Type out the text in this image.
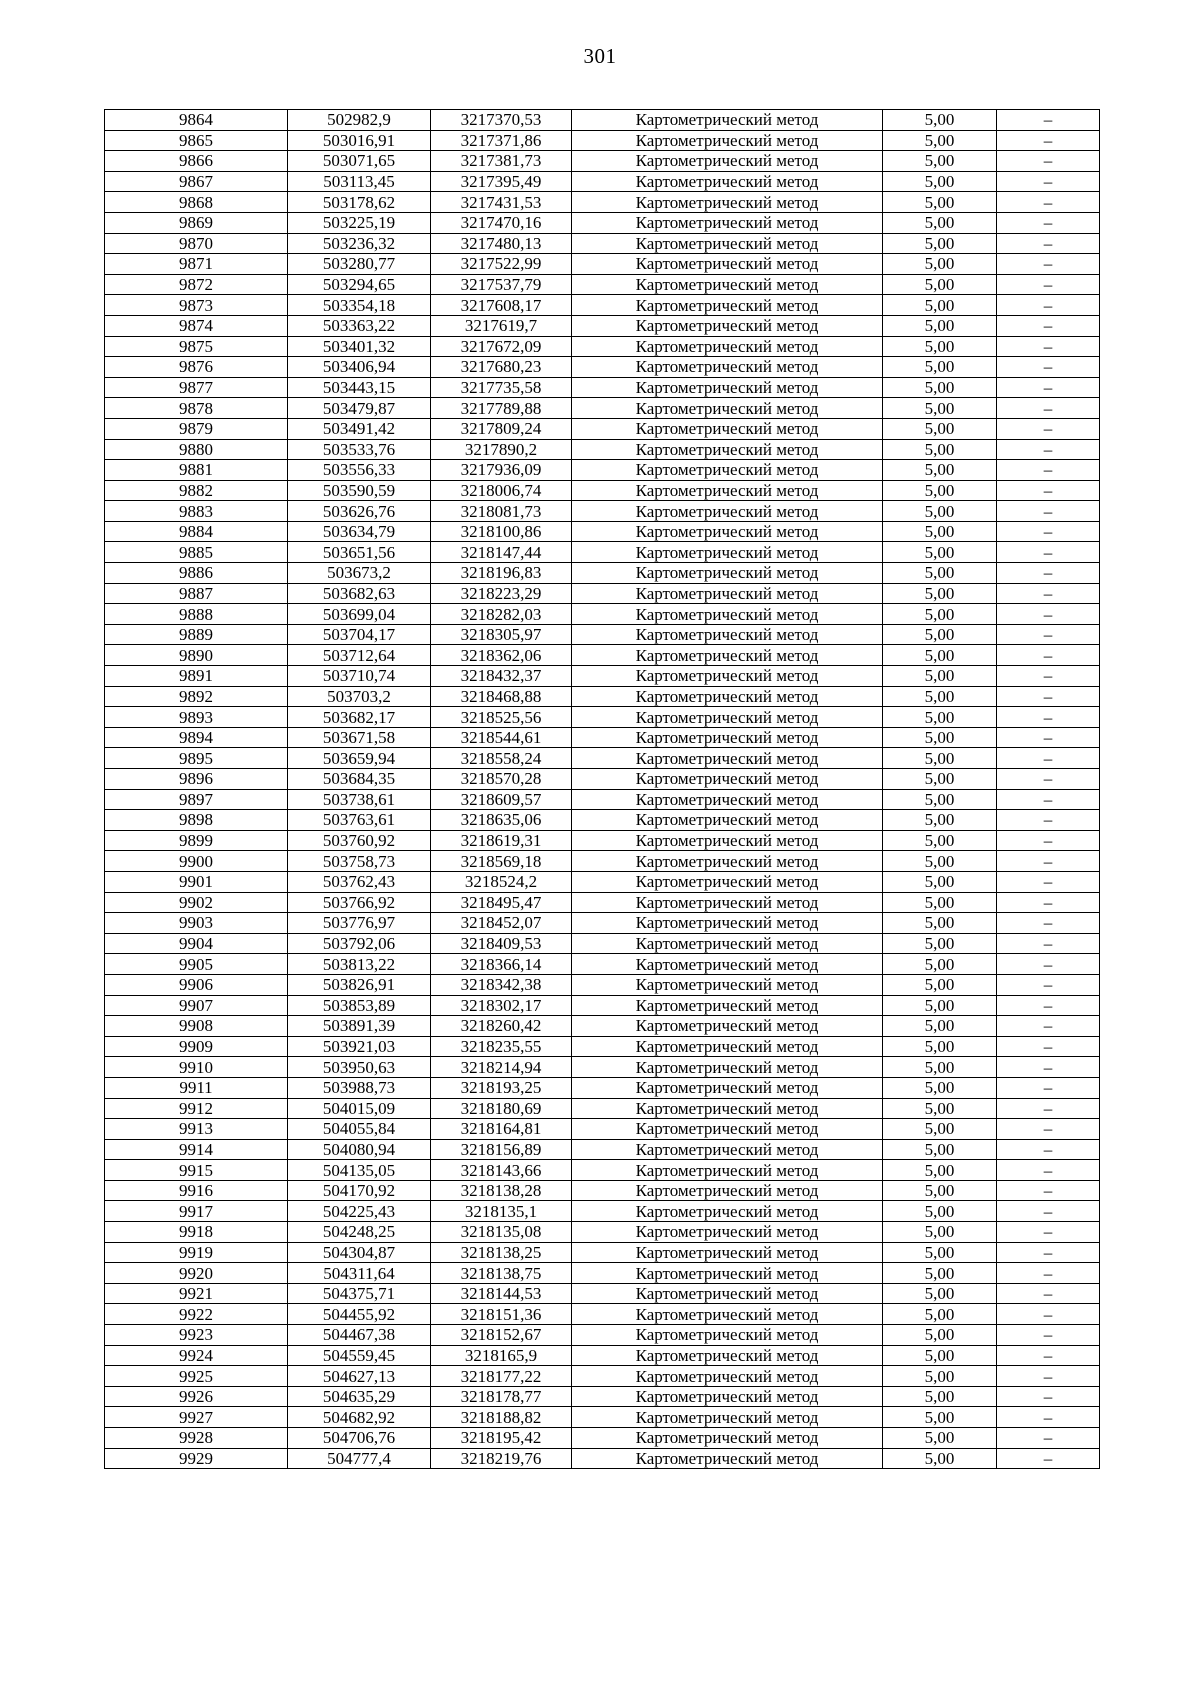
301
9864	502982,9	3217370,53	Картометрический метод	5,00	–
9865	503016,91	3217371,86	Картометрический метод	5,00	–
9866	503071,65	3217381,73	Картометрический метод	5,00	–
9867	503113,45	3217395,49	Картометрический метод	5,00	–
9868	503178,62	3217431,53	Картометрический метод	5,00	–
9869	503225,19	3217470,16	Картометрический метод	5,00	–
9870	503236,32	3217480,13	Картометрический метод	5,00	–
9871	503280,77	3217522,99	Картометрический метод	5,00	–
9872	503294,65	3217537,79	Картометрический метод	5,00	–
9873	503354,18	3217608,17	Картометрический метод	5,00	–
9874	503363,22	3217619,7	Картометрический метод	5,00	–
9875	503401,32	3217672,09	Картометрический метод	5,00	–
9876	503406,94	3217680,23	Картометрический метод	5,00	–
9877	503443,15	3217735,58	Картометрический метод	5,00	–
9878	503479,87	3217789,88	Картометрический метод	5,00	–
9879	503491,42	3217809,24	Картометрический метод	5,00	–
9880	503533,76	3217890,2	Картометрический метод	5,00	–
9881	503556,33	3217936,09	Картометрический метод	5,00	–
9882	503590,59	3218006,74	Картометрический метод	5,00	–
9883	503626,76	3218081,73	Картометрический метод	5,00	–
9884	503634,79	3218100,86	Картометрический метод	5,00	–
9885	503651,56	3218147,44	Картометрический метод	5,00	–
9886	503673,2	3218196,83	Картометрический метод	5,00	–
9887	503682,63	3218223,29	Картометрический метод	5,00	–
9888	503699,04	3218282,03	Картометрический метод	5,00	–
9889	503704,17	3218305,97	Картометрический метод	5,00	–
9890	503712,64	3218362,06	Картометрический метод	5,00	–
9891	503710,74	3218432,37	Картометрический метод	5,00	–
9892	503703,2	3218468,88	Картометрический метод	5,00	–
9893	503682,17	3218525,56	Картометрический метод	5,00	–
9894	503671,58	3218544,61	Картометрический метод	5,00	–
9895	503659,94	3218558,24	Картометрический метод	5,00	–
9896	503684,35	3218570,28	Картометрический метод	5,00	–
9897	503738,61	3218609,57	Картометрический метод	5,00	–
9898	503763,61	3218635,06	Картометрический метод	5,00	–
9899	503760,92	3218619,31	Картометрический метод	5,00	–
9900	503758,73	3218569,18	Картометрический метод	5,00	–
9901	503762,43	3218524,2	Картометрический метод	5,00	–
9902	503766,92	3218495,47	Картометрический метод	5,00	–
9903	503776,97	3218452,07	Картометрический метод	5,00	–
9904	503792,06	3218409,53	Картометрический метод	5,00	–
9905	503813,22	3218366,14	Картометрический метод	5,00	–
9906	503826,91	3218342,38	Картометрический метод	5,00	–
9907	503853,89	3218302,17	Картометрический метод	5,00	–
9908	503891,39	3218260,42	Картометрический метод	5,00	–
9909	503921,03	3218235,55	Картометрический метод	5,00	–
9910	503950,63	3218214,94	Картометрический метод	5,00	–
9911	503988,73	3218193,25	Картометрический метод	5,00	–
9912	504015,09	3218180,69	Картометрический метод	5,00	–
9913	504055,84	3218164,81	Картометрический метод	5,00	–
9914	504080,94	3218156,89	Картометрический метод	5,00	–
9915	504135,05	3218143,66	Картометрический метод	5,00	–
9916	504170,92	3218138,28	Картометрический метод	5,00	–
9917	504225,43	3218135,1	Картометрический метод	5,00	–
9918	504248,25	3218135,08	Картометрический метод	5,00	–
9919	504304,87	3218138,25	Картометрический метод	5,00	–
9920	504311,64	3218138,75	Картометрический метод	5,00	–
9921	504375,71	3218144,53	Картометрический метод	5,00	–
9922	504455,92	3218151,36	Картометрический метод	5,00	–
9923	504467,38	3218152,67	Картометрический метод	5,00	–
9924	504559,45	3218165,9	Картометрический метод	5,00	–
9925	504627,13	3218177,22	Картометрический метод	5,00	–
9926	504635,29	3218178,77	Картометрический метод	5,00	–
9927	504682,92	3218188,82	Картометрический метод	5,00	–
9928	504706,76	3218195,42	Картометрический метод	5,00	–
9929	504777,4	3218219,76	Картометрический метод	5,00	–
